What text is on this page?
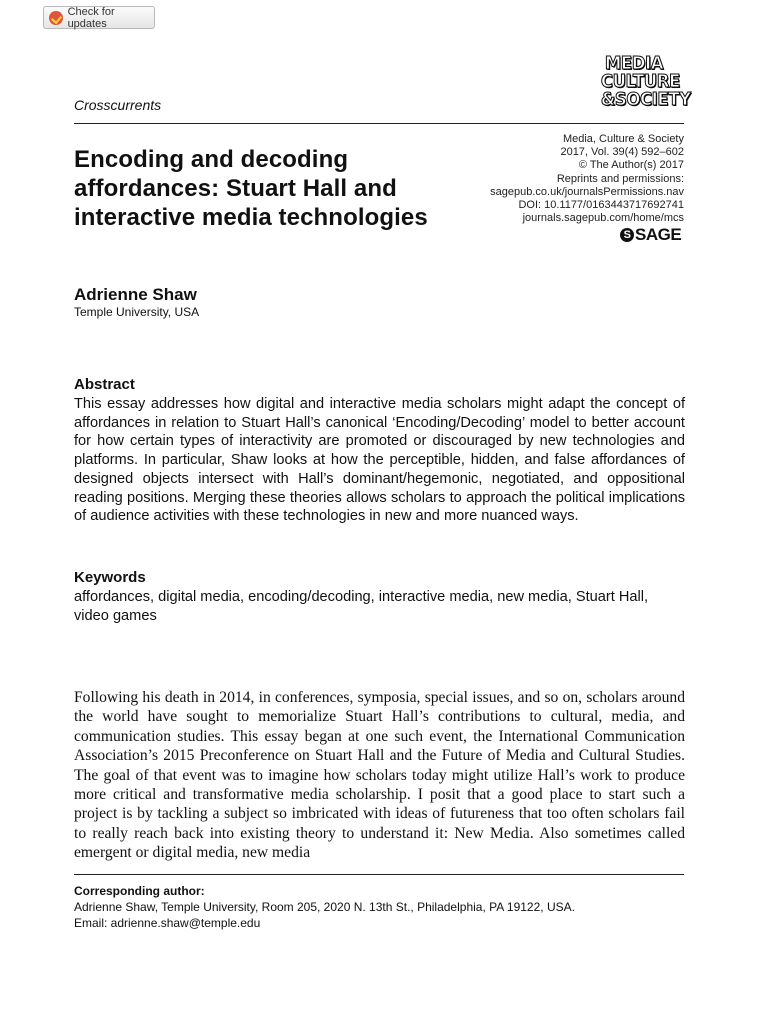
Check for updates
MEDIA
CULTURE
&SOCIETY
Crosscurrents
Encoding and decoding affordances: Stuart Hall and interactive media technologies
Media, Culture & Society
2017, Vol. 39(4) 592–602
© The Author(s) 2017
Reprints and permissions:
sagepub.co.uk/journalsPermissions.nav
DOI: 10.1177/0163443717692741
journals.sagepub.com/home/mcs
S SAGE
Adrienne Shaw
Temple University, USA
Abstract

This essay addresses how digital and interactive media scholars might adapt the concept of affordances in relation to Stuart Hall’s canonical ‘Encoding/Decoding’ model to better account for how certain types of interactivity are promoted or discouraged by new technologies and platforms. In particular, Shaw looks at how the perceptible, hidden, and false affordances of designed objects intersect with Hall’s dominant/hegemonic, negotiated, and oppositional reading positions. Merging these theories allows scholars to approach the political implications of audience activities with these technologies in new and more nuanced ways.

Keywords

affordances, digital media, encoding/decoding, interactive media, new media, Stuart Hall, video games

Following his death in 2014, in conferences, symposia, special issues, and so on, scholars around the world have sought to memorialize Stuart Hall’s contributions to cultural, media, and communication studies. This essay began at one such event, the International Communication Association’s 2015 Preconference on Stuart Hall and the Future of Media and Cultural Studies. The goal of that event was to imagine how scholars today might utilize Hall’s work to produce more critical and transformative media scholarship. I posit that a good place to start such a project is by tackling a subject so imbricated with ideas of futureness that too often scholars fail to really reach back into existing theory to understand it: New Media. Also sometimes called emergent or digital media, new media

Corresponding author:
Adrienne Shaw, Temple University, Room 205, 2020 N. 13th St., Philadelphia, PA 19122, USA.
Email: adrienne.shaw@temple.edu
